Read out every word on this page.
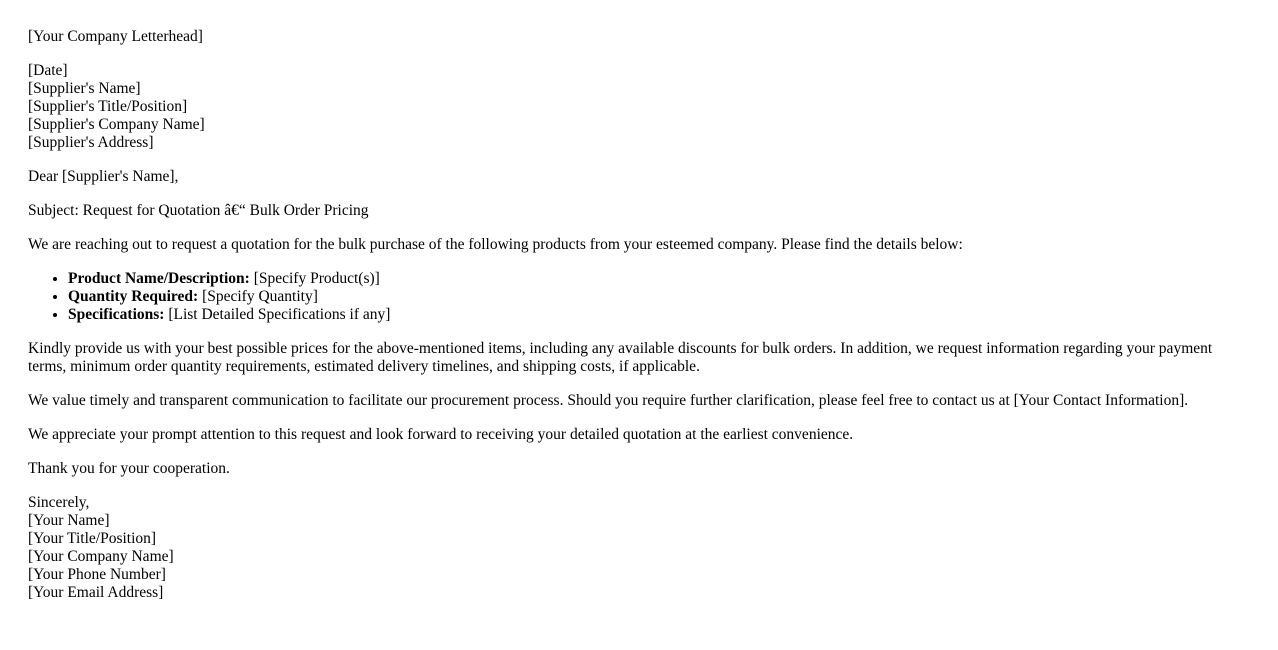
[Your Company Letterhead]

[Date]
[Supplier's Name]
[Supplier's Title/Position]
[Supplier's Company Name]
[Supplier's Address]

Dear [Supplier's Name],

Subject: Request for Quotation â€“ Bulk Order Pricing

We are reaching out to request a quotation for the bulk purchase of the following products from your esteemed company. Please find the details below:

• Product Name/Description: [Specify Product(s)]
• Quantity Required: [Specify Quantity]
• Specifications: [List Detailed Specifications if any]

Kindly provide us with your best possible prices for the above-mentioned items, including any available discounts for bulk orders. In addition, we request information regarding your payment terms, minimum order quantity requirements, estimated delivery timelines, and shipping costs, if applicable.

We value timely and transparent communication to facilitate our procurement process. Should you require further clarification, please feel free to contact us at [Your Contact Information].

We appreciate your prompt attention to this request and look forward to receiving your detailed quotation at the earliest convenience.

Thank you for your cooperation.

Sincerely,
[Your Name]
[Your Title/Position]
[Your Company Name]
[Your Phone Number]
[Your Email Address]
